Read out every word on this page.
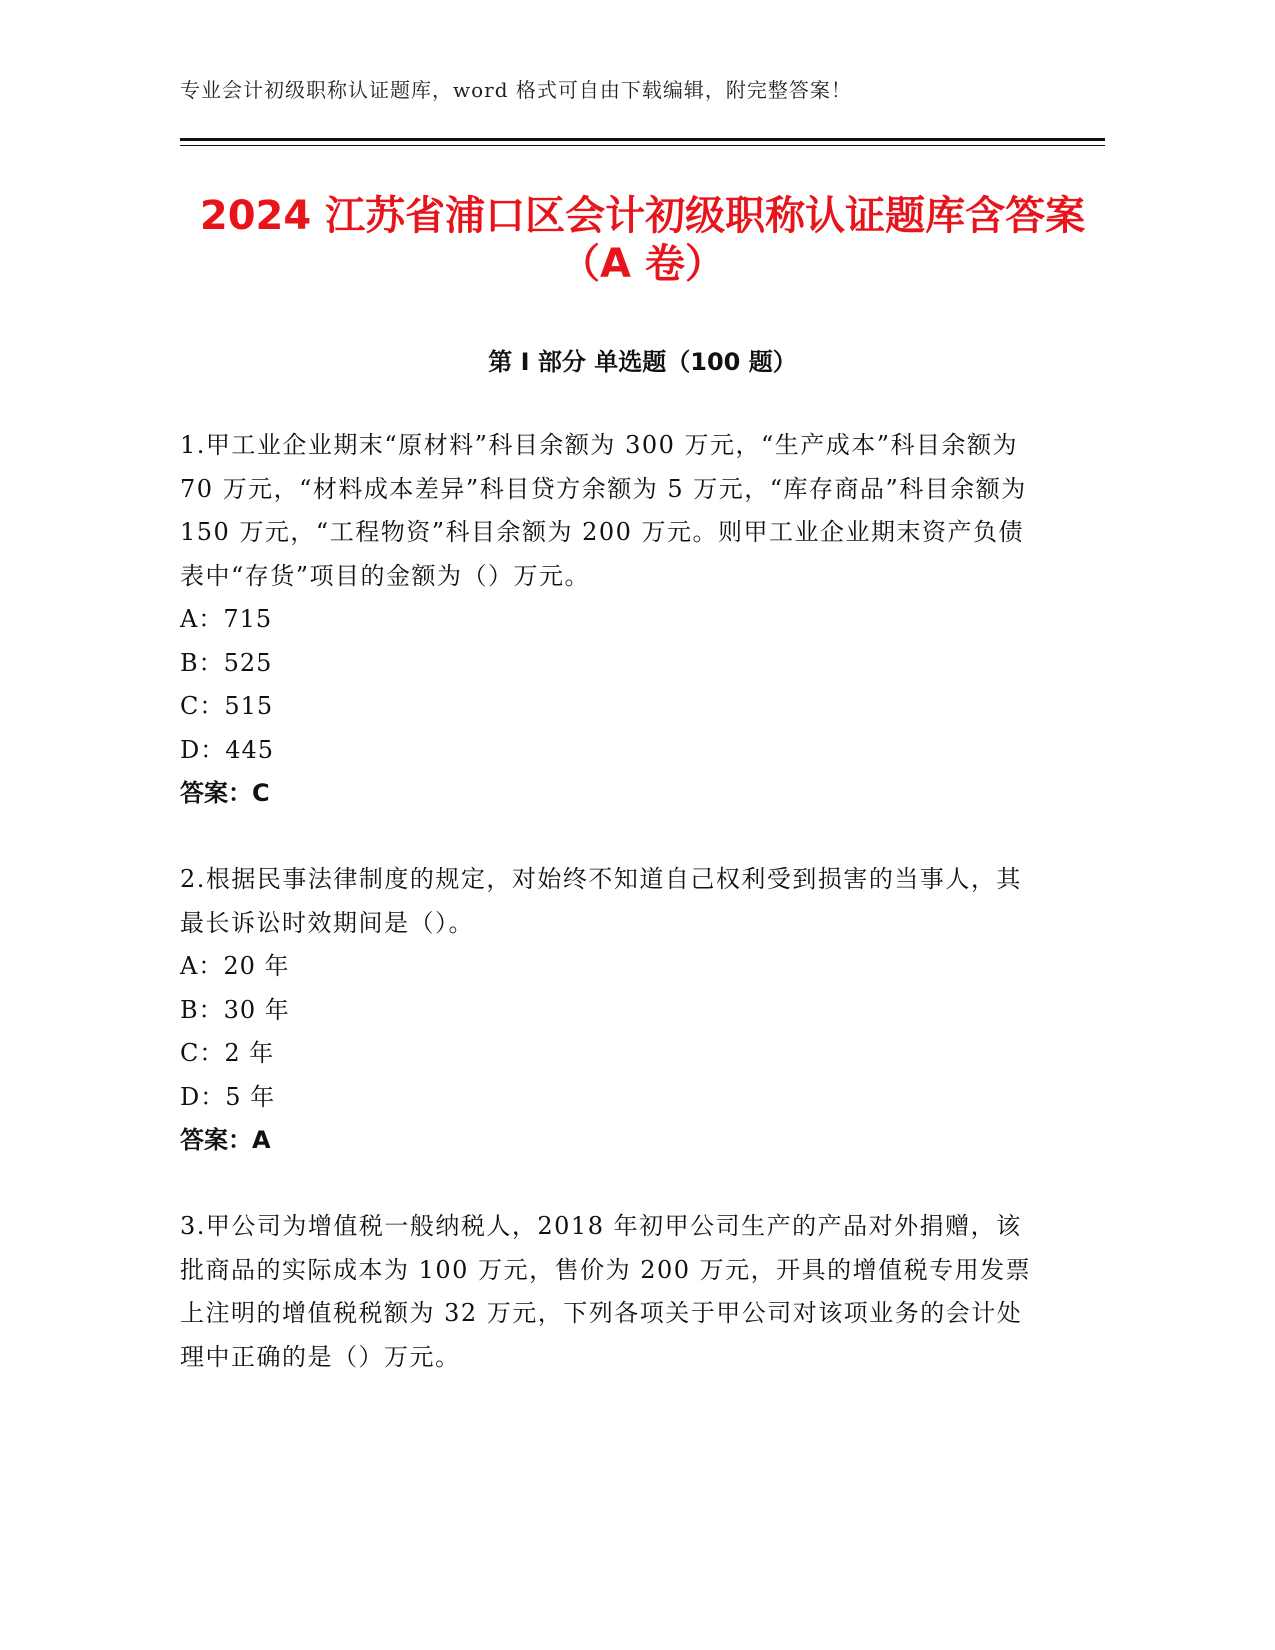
专业会计初级职称认证题库，word 格式可自由下载编辑，附完整答案！
2024 江苏省浦口区会计初级职称认证题库含答案（A 卷）
第 I 部分 单选题（100 题）

1.甲工业企业期末“原材料”科目余额为 300 万元，“生产成本”科目余额为 70 万元，“材料成本差异”科目贷方余额为 5 万元，“库存商品”科目余额为 150 万元，“工程物资”科目余额为 200 万元。则甲工业企业期末资产负债表中“存货”项目的金额为（）万元。

A：715
B：525
C：515
D：445
答案：C

2.根据民事法律制度的规定，对始终不知道自己权利受到损害的当事人，其最长诉讼时效期间是（）。

A：20 年
B：30 年
C：2 年
D：5 年
答案：A

3.甲公司为增值税一般纳税人，2018 年初甲公司生产的产品对外捐赠，该批商品的实际成本为 100 万元，售价为 200 万元，开具的增值税专用发票上注明的增值税税额为 32 万元，下列各项关于甲公司对该项业务的会计处理中正确的是（）万元。
